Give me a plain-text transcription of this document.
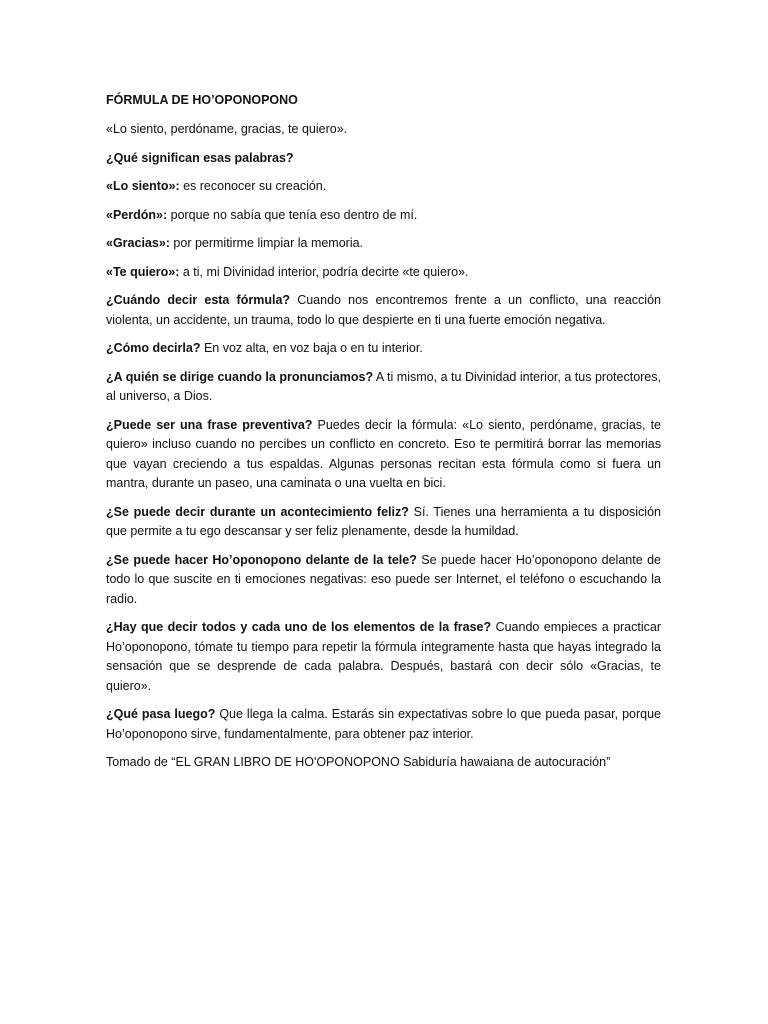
FÓRMULA DE HO’OPONOPONO

«Lo siento, perdóname, gracias, te quiero».

¿Qué significan esas palabras?

«Lo siento»: es reconocer su creación.

«Perdón»: porque no sabía que tenía eso dentro de mí.

«Gracias»: por permitirme limpiar la memoria.

«Te quiero»: a ti, mi Divinidad interior, podría decirte «te quiero».

¿Cuándo decir esta fórmula? Cuando nos encontremos frente a un conflicto, una reacción violenta, un accidente, un trauma, todo lo que despierte en ti una fuerte emoción negativa.

¿Cómo decirla? En voz alta, en voz baja o en tu interior.

¿A quién se dirige cuando la pronunciamos? A ti mismo, a tu Divinidad interior, a tus protectores, al universo, a Dios.

¿Puede ser una frase preventiva? Puedes decir la fórmula: «Lo siento, perdóname, gracias, te quiero» incluso cuando no percibes un conflicto en concreto. Eso te permitirá borrar las memorias que vayan creciendo a tus espaldas. Algunas personas recitan esta fórmula como si fuera un mantra, durante un paseo, una caminata o una vuelta en bici.

¿Se puede decir durante un acontecimiento feliz? Sí. Tienes una herramienta a tu disposición que permite a tu ego descansar y ser feliz plenamente, desde la humildad.

¿Se puede hacer Ho’oponopono delante de la tele? Se puede hacer Ho’oponopono delante de todo lo que suscite en ti emociones negativas: eso puede ser Internet, el teléfono o escuchando la radio.

¿Hay que decir todos y cada uno de los elementos de la frase? Cuando empieces a practicar Ho’oponopono, tómate tu tiempo para repetir la fórmula íntegramente hasta que hayas integrado la sensación que se desprende de cada palabra. Después, bastará con decir sólo «Gracias, te quiero».

¿Qué pasa luego? Que llega la calma. Estarás sin expectativas sobre lo que pueda pasar, porque Ho’oponopono sirve, fundamentalmente, para obtener paz interior.

Tomado de “EL GRAN LIBRO DE HO'OPONOPONO Sabiduría hawaiana de autocuración”
